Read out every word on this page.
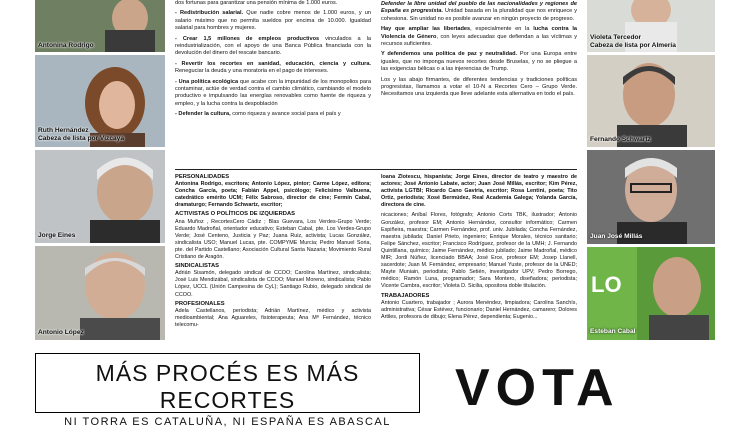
Antonina Rodrigo
Ruth Hernández
Cabeza de lista por Vizcaya
Jorge Eines
Antonio López

dos fortunas para garantizar una pensión mínima de 1.000 euros.

- Redistribución salarial. Que nadie cobre menos de 1.000 euros, y un salario máximo que no permita sueldos por encima de 10.000. Igualdad salarial para hombres y mujeres.

- Crear 1,5 millones de empleos productivos vinculados a la reindustrialización, con el apoyo de una Banca Pública financiada con la devolución del dinero del rescate bancario.

- Revertir los recortes en sanidad, educación, ciencia y cultura. Reneguciar la deuda y una moratoria en el pago de intereses.

- Una política ecológica que acabe con la impunidad de los monopolios para contaminar, actúe de verdad contra el cambio climático, cambiando el modelo productivo e impulsando las energías renovables como fuente de riqueza y empleo, y la lucha contra la despoblación

- Defender la cultura, como riqueza y avance social para el país y

Defender la libre unidad del pueblo de las nacionalidades y regiones de España es progresista. Unidad basada en la pluralidad que nos enriquece y cohesiona. Sin unidad no es posible avanzar en ningún proyecto de progreso.

Hay que ampliar las libertades, especialmente en la lucha contra la Violencia de Género, con leyes adecuadas que defiendan a las víctimas y recursos suficientes.

Y defendemos una política de paz y neutralidad. Por una Europa entre iguales, que no imponga nuevos recortes desde Bruselas, y no se pliegue a las exigencias bélicas o a las injerencias de Trump.

Los y las abajo firmantes, de diferentes tendencias y tradiciones políticas progresistas, llamamos a votar el 10-N a Recortes Cero – Grupo Verde. Necesitamos una izquierda que lleve adelante esta alternativa en todo el país.

PERSONALIDADES
Antonina Rodrigo, escritora; Antonio López, pintor; Carme López, editora; Concha García, poeta; Fabián Appel, psicólogo; Felicísimo Valbuena, catedrático emérito UCM; Félix Sabroso, director de cine; Fermín Cabal, dramaturgo; Fernando Schwartz, escritor;
ACTIVISTAS O POLÍTICOS DE IZQUIERDAS
Ana Muñoz , RecortesCero Cádiz ; Blas Guevara, Los Verdes-Grupo Verde; Eduardo Madroñal, orientador educativo; Esteban Cabal, pte. Los Verdes-Grupo Verde; José Centeno, Justicia y Paz; Juana Ruiz, activista; Lucas González, sindicalista USO; Manuel Lucas, pte. COMPYME Murcia; Pedro Manuel Soria, pte. del Partido Castellano; Asociación Cultural Santa Nazaria; Movimiento Rural Cristiano de Aragón.
SINDICALISTAS
Adrián Sisamón, delegado sindical de CCOO; Carolina Martínez, sindicalista; José Luis Mendizábal, sindicalista de CCOO; Manuel Moreno, sindicalista; Pablo López, UCCL (Unión Campesina de CyL); Santiago Rubio, delegado sindical de CCOO.
PROFESIONALES
Adela Castellanos, periodista; Adrián Martínez, médico y activista medioambiental; Ana Aguareles, fisioterapeuta; Ana Mª Fernández, técnico telecomu-
Ioana Zlotescu, hispanista; Jorge Eines, director de teatro y maestro de actores; José Antonio Labate, actor; Juan José Millás, escritor; Kim Pérez, activista LGTBI; Ricardo Cano Gaviria, escritor; Rosa Lentini, poeta; Tito Ortiz, periodista; Xosé Bermúdez, Real Academia Galega; Yolanda García, directora de cine.
nicaciones; Aníbal Flores, fotógrafo; Antonio Corts TBK, ilustrador; Antonio González, profesor EM; Antonio Hernández, consultor informático; Carmen Espiñeira, maestra; Carmen Fernández, prof. univ. Jubilada; Concha Fernández, maestra jubilada; Daniel Prieto, ingeniero; Enrique Morales, técnico sanitario; Felipe Sánchez, escritor; Francisco Rodríguez, profesor de la UMH; J. Fernando Quintillana, químico; Jaime Fernández, médico jubilado; Jaime Madroñal, médico MIR; Jordi Núñez, licenciado BBAA; José Erce, profesor EM; Josep Llanell, sacerdote; Juan M. Fernández, empresario; Manuel Yuste, profesor de la UNED; Mayte Muniain, periodista; Pablo Setién, investigador UPV; Pedro Borrego, médico; Ramón Luna, programador; Sara Montero, diseñadora; periodista; Vicente Cambra, escritor; Violeta D. Sicilia, opositora doble titulación.
TRABAJADORES
Antonio Cuartero, trabajador ; Aurora Menéndez, limpiadora; Carolina Sanchís, administrativa; César Estévez, funcionario; Daniel Hernández, camarero; Dolores Artiles, profesora de dibujo; Elena Pérez, dependienta; Eugenio...
Violeta Tercedor
Cabeza de lista por Almería
Fernando Schwartz
Juan José Millás
LO
Esteban Cabal
MÁS PROCÉS ES MÁS RECORTES
NI TORRA ES CATALUÑA, NI ESPAÑA ES ABASCAL
VOTA
